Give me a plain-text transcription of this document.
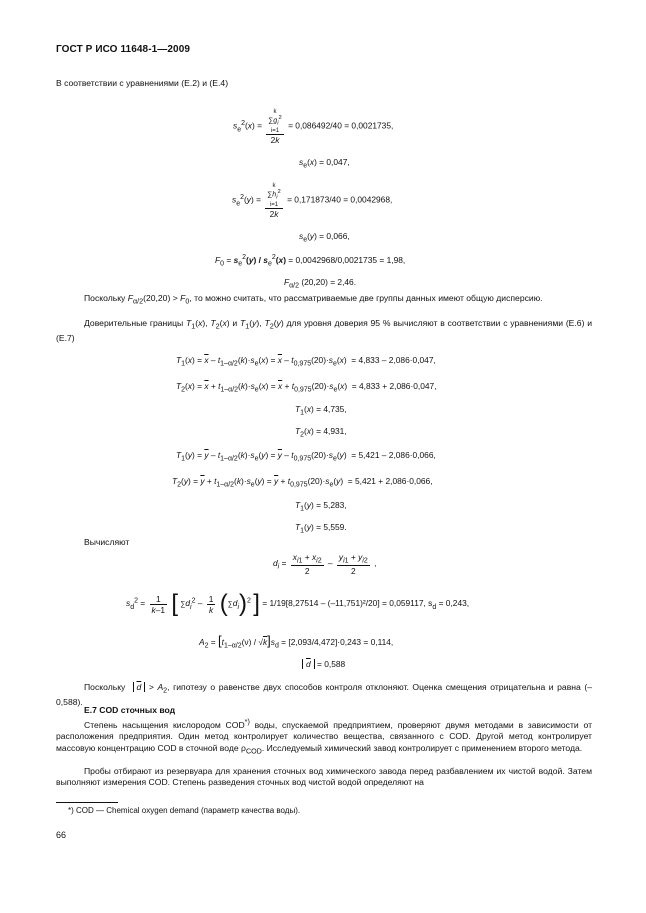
ГОСТ Р ИСО 11648-1—2009
В соответствии с уравнениями (Е.2) и (Е.4)
$s_e^2(x)$ =
k
$\sum g_i^2$
i=1
2k
= 0,086492/40 = 0,0021735,
$s_e(x) = 0,047$,
$s_e^2(y)$ =
k
$\sum h_i^2$
i=1
2k
= 0,171873/40 = 0,0042968,
$s_e(y) = 0,066$,
$F_0 = s_e^2(y) / s_e^2(x) = 0,0042968/0,0021735 = 1,98$,
$F_{\alpha/2}$ (20,20) = 2,46.
Поскольку $F_{\alpha/2}(20,20) > F_0$, то можно считать, что рассматриваемые две группы данных имеют общую дисперсию.
Доверительные границы $T_1(x)$, $T_2(x)$ и $T_1(y)$, $T_2(y)$ для уровня доверия 95 % вычисляют в соответствии с уравнениями (Е.6) и (Е.7)
$T_1(x) = x - t_{1-\alpha/2}(k)\cdot s_e(x) = \overline{x} - t_{0,975}(20)\cdot s_e(x) = 4,833 - 2,086\cdot 0,047$,
$T_2(x) = \overline{x} + t_{1-\alpha/2}(k)\cdot s_e(x) = \overline{x} + t_{0,975}(20)\cdot s_e(x) = 4,833 + 2,086\cdot 0,047$,
$T_1(x) = 4,735$,
$T_2(x) = 4,931$,
$T_1(y) = \overline{y} - t_{1-\alpha/2}(k)\cdot s_e(y) = \overline{y} - t_{0,975}(20)\cdot s_e(y) = 5,421 - 2,086\cdot 0,066$,
$T_2(y) = \overline{y} + t_{1-\alpha/2}(k)\cdot s_e(y) = \overline{y} + t_{0,975}(20)\cdot s_e(y) = 5,421 + 2,086\cdot 0,066$,
$T_1(y) = 5,283$,
$T_1(y) = 5,559$.
Вычисляют
$d_i = \frac{x_{i1} + x_{i2}}{2} - \frac{y_{i1} + y_{i2}}{2}$ ,
$s_d^2 = \frac{1}{k-1}$ [ $\sum d_i^2 - \frac{1}{k} (\sum d_i)^2$ ] = 1/19[8,27514 – (–11,751)²/20] = 0,059117, $s_d = 0,243$,
$A_2 = [t_{1-\alpha/2}(\nu) / √k]s_d = [2,093/4,472]\cdot 0,243 = 0,114$,
$\overline{d} = 0,588$
Поскольку $\overline{d} > A_2$, гипотезу о равенстве двух способов контроля отклоняют. Оценка смещения отрицательна и равна (–0,588).
Е.7 COD сточных вод
Степень насыщения кислородом COD*) воды, спускаемой предприятием, проверяют двумя методами в зависимости от расположения предприятия. Один метод контролирует количество вещества, связанного с COD. Другой метод контролирует массовую концентрацию COD в сточной воде $\rho_{COD}$. Исследуемый химический завод контролирует с применением второго метода.
Пробы отбирают из резервуара для хранения сточных вод химического завода перед разбавлением их чистой водой. Затем выполняют измерения COD. Степень разведения сточных вод чистой водой определяют на
*) COD — Chemical oxygen demand (параметр качества воды).
66
